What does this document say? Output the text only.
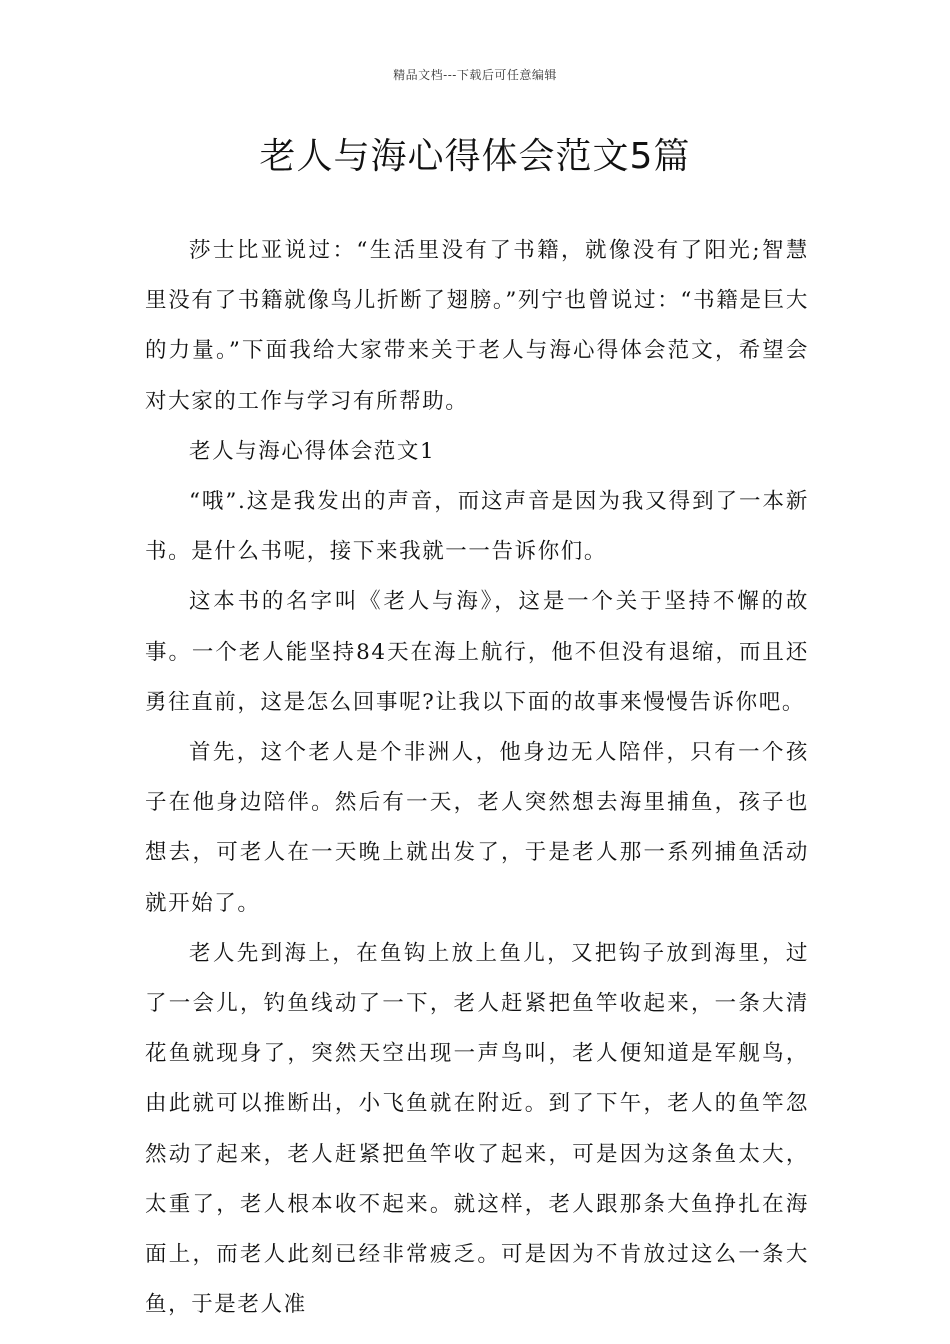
精品文档---下载后可任意编辑
老人与海心得体会范文5篇

莎士比亚说过：“生活里没有了书籍，就像没有了阳光;智慧里没有了书籍就像鸟儿折断了翅膀。”列宁也曾说过：“书籍是巨大的力量。”下面我给大家带来关于老人与海心得体会范文，希望会对大家的工作与学习有所帮助。

老人与海心得体会范文1

“哦”.这是我发出的声音，而这声音是因为我又得到了一本新书。是什么书呢，接下来我就一一告诉你们。

这本书的名字叫《老人与海》，这是一个关于坚持不懈的故事。一个老人能坚持84天在海上航行，他不但没有退缩，而且还勇往直前，这是怎么回事呢?让我以下面的故事来慢慢告诉你吧。

首先，这个老人是个非洲人，他身边无人陪伴，只有一个孩子在他身边陪伴。然后有一天，老人突然想去海里捕鱼，孩子也想去，可老人在一天晚上就出发了，于是老人那一系列捕鱼活动就开始了。

老人先到海上，在鱼钩上放上鱼儿，又把钩子放到海里，过了一会儿，钓鱼线动了一下，老人赶紧把鱼竿收起来，一条大清花鱼就现身了，突然天空出现一声鸟叫，老人便知道是军舰鸟，由此就可以推断出，小飞鱼就在附近。到了下午，老人的鱼竿忽然动了起来，老人赶紧把鱼竿收了起来，可是因为这条鱼太大，太重了，老人根本收不起来。就这样，老人跟那条大鱼挣扎在海面上，而老人此刻已经非常疲乏。可是因为不肯放过这么一条大鱼，于是老人准
